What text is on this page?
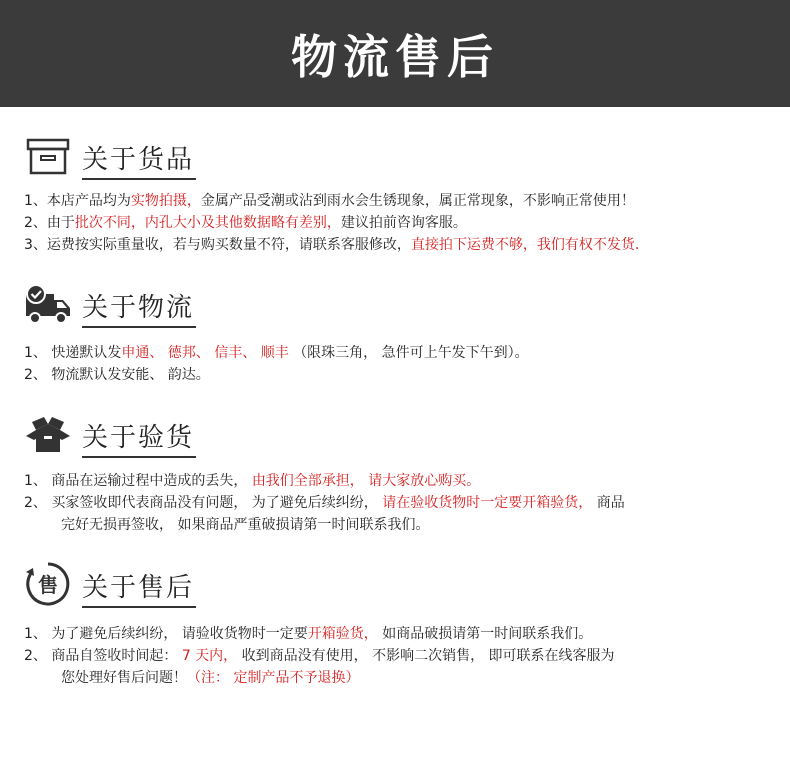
物流售后
关于货品
1、本店产品均为实物拍摄，金属产品受潮或沾到雨水会生锈现象，属正常现象，不影响正常使用！
2、由于批次不同，内孔大小及其他数据略有差别，建议拍前咨询客服。
3、运费按实际重量收，若与购买数量不符，请联系客服修改，直接拍下运费不够，我们有权不发货.
关于物流
1、 快递默认发申通、 德邦、 信丰、 顺丰 （限珠三角， 急件可上午发下午到）。
2、 物流默认发安能、 韵达。
关于验货
1、 商品在运输过程中造成的丢失， 由我们全部承担， 请大家放心购买。
2、 买家签收即代表商品没有问题， 为了避免后续纠纷， 请在验收货物时一定要开箱验货， 商品
完好无损再签收， 如果商品严重破损请第一时间联系我们。
售 关于售后
1、 为了避免后续纠纷， 请验收货物时一定要开箱验货， 如商品破损请第一时间联系我们。
2、 商品自签收时间起： 7 天内， 收到商品没有使用， 不影响二次销售， 即可联系在线客服为
您处理好售后问题！（注： 定制产品不予退换）
